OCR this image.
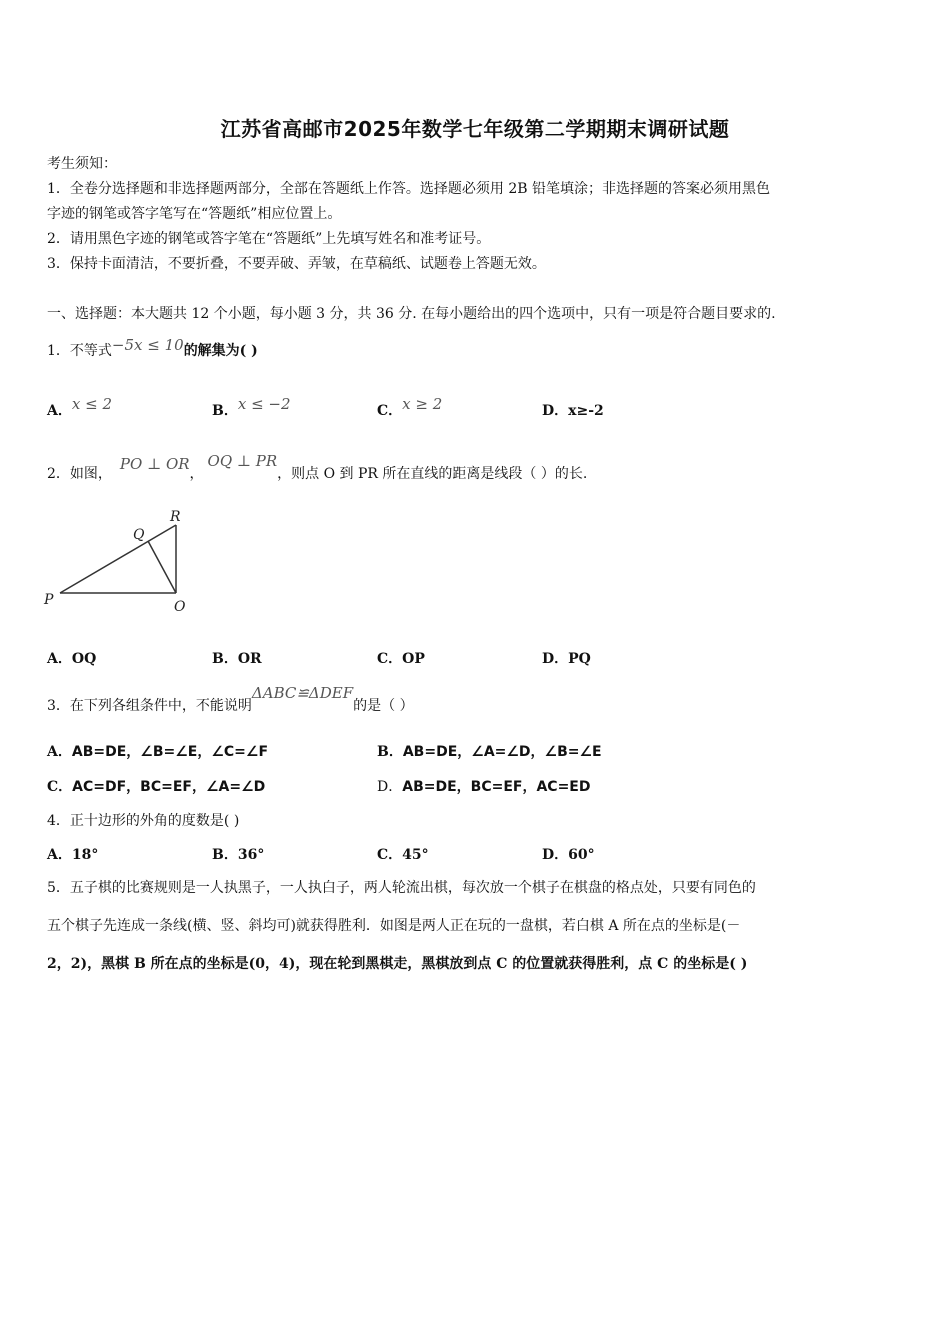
江苏省高邮市2025年数学七年级第二学期期末调研试题
考生须知：
1．全卷分选择题和非选择题两部分，全部在答题纸上作答。选择题必须用 2B 铅笔填涂；非选择题的答案必须用黑色
字迹的钢笔或答字笔写在“答题纸”相应位置上。
2．请用黑色字迹的钢笔或答字笔在“答题纸”上先填写姓名和准考证号。
3．保持卡面清洁，不要折叠，不要弄破、弄皱，在草稿纸、试题卷上答题无效。
一、选择题：本大题共 12 个小题，每小题 3 分，共 36 分. 在每小题给出的四个选项中，只有一项是符合题目要求的.
1．不等式−5x ≤ 10的解集为( )
A．x ≤ 2	B．x ≤ −2	C．x ≥ 2	D．x≥-2
2．如图，PO ⊥ OR，OQ ⊥ PR，则点 O 到 PR 所在直线的距离是线段（ ）的长.
R
Q
P	O
A．OQ	B．OR	C．OP	D．PQ
3．在下列各组条件中，不能说明ΔABC≌ΔDEF的是（ ）
A．AB=DE，∠B=∠E，∠C=∠F	B．AB=DE，∠A=∠D，∠B=∠E
C．AC=DF，BC=EF，∠A=∠D	D．AB=DE，BC=EF，AC=ED
4．正十边形的外角的度数是( )
A．18°	B．36°	C．45°	D．60°
5．五子棋的比赛规则是一人执黑子，一人执白子，两人轮流出棋，每次放一个棋子在棋盘的格点处，只要有同色的
五个棋子先连成一条线(横、竖、斜均可)就获得胜利．如图是两人正在玩的一盘棋，若白棋 A 所在点的坐标是(－
2，2)，黑棋 B 所在点的坐标是(0，4)，现在轮到黑棋走，黑棋放到点 C 的位置就获得胜利，点 C 的坐标是( )
